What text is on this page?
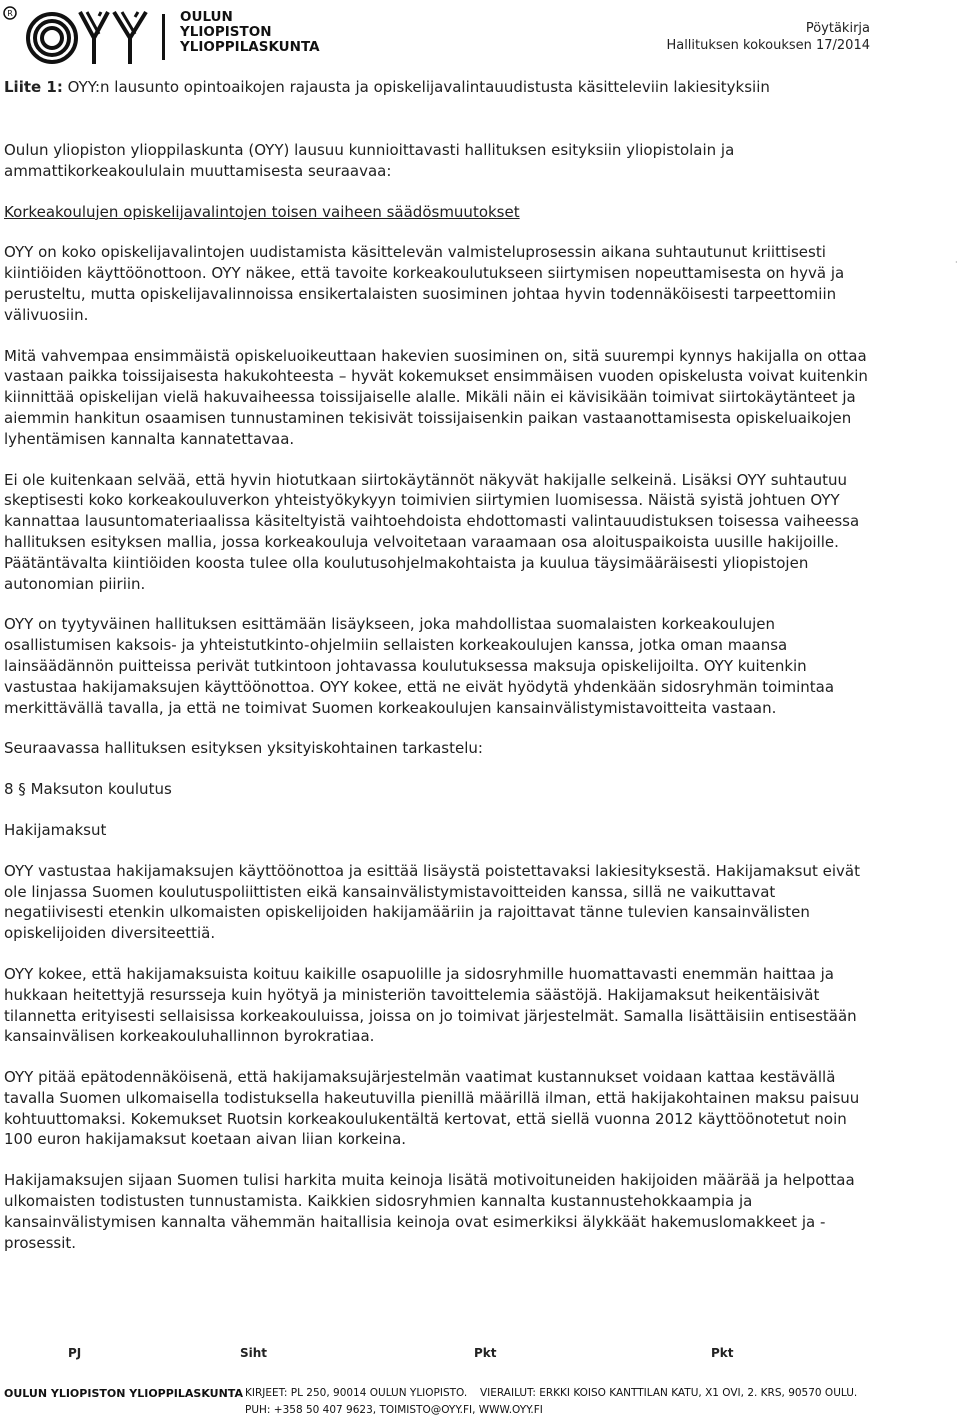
R	OULUN
YLIOPISTON
YLIOPPILASKUNTA
Pöytäkirja
Hallituksen kokouksen 17/2014
Liite 1: OYY:n lausunto opintoaikojen rajausta ja opiskelijavalintauudistusta käsitteleviin lakiesityksiin

Oulun yliopiston ylioppilaskunta (OYY) lausuu kunnioittavasti hallituksen esityksiin yliopistolain ja ammattikorkeakoululain muuttamisesta seuraavaa:

Korkeakoulujen opiskelijavalintojen toisen vaiheen säädösmuutokset

OYY on koko opiskelijavalintojen uudistamista käsittelevän valmisteluprosessin aikana suhtautunut kriittisesti kiintiöiden käyttöönottoon. OYY näkee, että tavoite korkeakoulutukseen siirtymisen nopeuttamisesta on hyvä ja perusteltu, mutta opiskelijavalinnoissa ensikertalaisten suosiminen johtaa hyvin todennäköisesti tarpeettomiin välivuosiin.

Mitä vahvempaa ensimmäistä opiskeluoikeuttaan hakevien suosiminen on, sitä suurempi kynnys hakijalla on ottaa vastaan paikka toissijaisesta hakukohteesta – hyvät kokemukset ensimmäisen vuoden opiskelusta voivat kuitenkin kiinnittää opiskelijan vielä hakuvaiheessa toissijaiselle alalle. Mikäli näin ei kävisikään toimivat siirtokäytänteet ja aiemmin hankitun osaamisen tunnustaminen tekisivät toissijaisenkin paikan vastaanottamisesta opiskeluaikojen lyhentämisen kannalta kannatettavaa.

Ei ole kuitenkaan selvää, että hyvin hiotutkaan siirtokäytännöt näkyvät hakijalle selkeinä. Lisäksi OYY suhtautuu skeptisesti koko korkeakouluverkon yhteistyökykyyn toimivien siirtymien luomisessa. Näistä syistä johtuen OYY kannattaa lausuntomateriaalissa käsiteltyistä vaihtoehdoista ehdottomasti valintauudistuksen toisessa vaiheessa hallituksen esityksen mallia, jossa korkeakouluja velvoitetaan varaamaan osa aloituspaikoista uusille hakijoille. Päätäntävalta kiintiöiden koosta tulee olla koulutusohjelmakohtaista ja kuulua täysimääräisesti yliopistojen autonomian piiriin.

OYY on tyytyväinen hallituksen esittämään lisäykseen, joka mahdollistaa suomalaisten korkeakoulujen osallistumisen kaksois- ja yhteistutkinto-ohjelmiin sellaisten korkeakoulujen kanssa, jotka oman maansa lainsäädännön puitteissa perivät tutkintoon johtavassa koulutuksessa maksuja opiskelijoilta. OYY kuitenkin vastustaa hakijamaksujen käyttöönottoa. OYY kokee, että ne eivät hyödytä yhdenkään sidosryhmän toimintaa merkittävällä tavalla, ja että ne toimivat Suomen korkeakoulujen kansainvälistymistavoitteita vastaan.

Seuraavassa hallituksen esityksen yksityiskohtainen tarkastelu:

8 § Maksuton koulutus

Hakijamaksut

OYY vastustaa hakijamaksujen käyttöönottoa ja esittää lisäystä poistettavaksi lakiesityksestä. Hakijamaksut eivät ole linjassa Suomen koulutuspoliittisten eikä kansainvälistymistavoitteiden kanssa, sillä ne vaikuttavat negatiivisesti etenkin ulkomaisten opiskelijoiden hakijamääriin ja rajoittavat tänne tulevien kansainvälisten opiskelijoiden diversiteettiä.

OYY kokee, että hakijamaksuista koituu kaikille osapuolille ja sidosryhmille huomattavasti enemmän haittaa ja hukkaan heitettyjä resursseja kuin hyötyä ja ministeriön tavoittelemia säästöjä. Hakijamaksut heikentäisivät tilannetta erityisesti sellaisissa korkeakouluissa, joissa on jo toimivat järjestelmät. Samalla lisättäisiin entisestään kansainvälisen korkeakouluhallinnon byrokratiaa.

OYY pitää epätodennäköisenä, että hakijamaksujärjestelmän vaatimat kustannukset voidaan kattaa kestävällä tavalla Suomen ulkomaisella todistuksella hakeutuvilla pienillä määrillä ilman, että hakijakohtainen maksu paisuu kohtuuttomaksi. Kokemukset Ruotsin korkeakoulukentältä kertovat, että siellä vuonna 2012 käyttöönotetut noin 100 euron hakijamaksut koetaan aivan liian korkeina.

Hakijamaksujen sijaan Suomen tulisi harkita muita keinoja lisätä motivoituneiden hakijoiden määrää ja helpottaa ulkomaisten todistusten tunnustamista. Kaikkien sidosryhmien kannalta kustannustehokkaampia ja kansainvälistymisen kannalta vähemmän haitallisia keinoja ovat esimerkiksi älykkäät hakemuslomakkeet ja -prosessit.

·
PJ	Siht	Pkt	Pkt
OULUN YLIOPISTON YLIOPPILASKUNTA KIRJEET: PL 250, 90014 OULUN YLIOPISTO. VIERAILUT: ERKKI KOISO KANTTILAN KATU, X1 OVI, 2. KRS, 90570 OULU.
PUH: +358 50 407 9623, TOIMISTO@OYY.FI, WWW.OYY.FI
